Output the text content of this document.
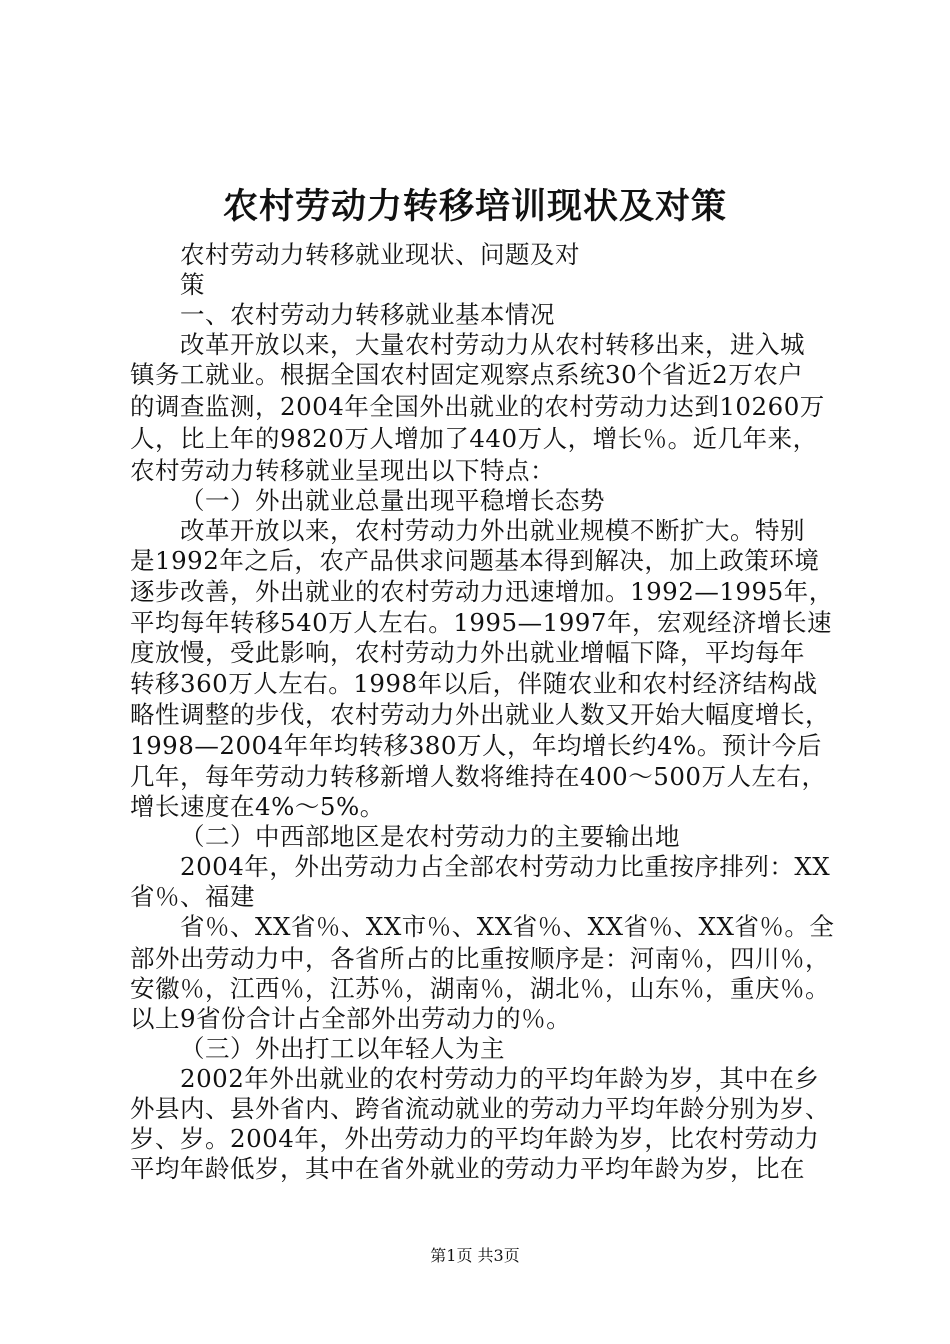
农村劳动力转移培训现状及对策
农村劳动力转移就业现状、问题及对
策
一、农村劳动力转移就业基本情况
改革开放以来，大量农村劳动力从农村转移出来，进入城
镇务工就业。根据全国农村固定观察点系统30个省近2万农户
的调查监测，2004年全国外出就业的农村劳动力达到10260万
人，比上年的9820万人增加了440万人，增长％。近几年来，
农村劳动力转移就业呈现出以下特点：
（一）外出就业总量出现平稳增长态势
改革开放以来，农村劳动力外出就业规模不断扩大。特别
是1992年之后，农产品供求问题基本得到解决，加上政策环境
逐步改善，外出就业的农村劳动力迅速增加。1992—1995年，
平均每年转移540万人左右。1995—1997年，宏观经济增长速
度放慢，受此影响，农村劳动力外出就业增幅下降，平均每年
转移360万人左右。1998年以后，伴随农业和农村经济结构战
略性调整的步伐，农村劳动力外出就业人数又开始大幅度增长，
1998—2004年年均转移380万人，年均增长约4%。预计今后
几年，每年劳动力转移新增人数将维持在400～500万人左右，
增长速度在4%～5%。
（二）中西部地区是农村劳动力的主要输出地
2004年，外出劳动力占全部农村劳动力比重按序排列：XX
省％、福建
省％、XX省％、XX市％、XX省％、XX省％、XX省％。全
部外出劳动力中，各省所占的比重按顺序是：河南％，四川％，
安徽％，江西％，江苏％，湖南％，湖北％，山东％，重庆％。
以上9省份合计占全部外出劳动力的％。
（三）外出打工以年轻人为主
2002年外出就业的农村劳动力的平均年龄为岁，其中在乡
外县内、县外省内、跨省流动就业的劳动力平均年龄分别为岁、
岁、岁。2004年，外出劳动力的平均年龄为岁，比农村劳动力
平均年龄低岁，其中在省外就业的劳动力平均年龄为岁，比在
第1页 共3页
